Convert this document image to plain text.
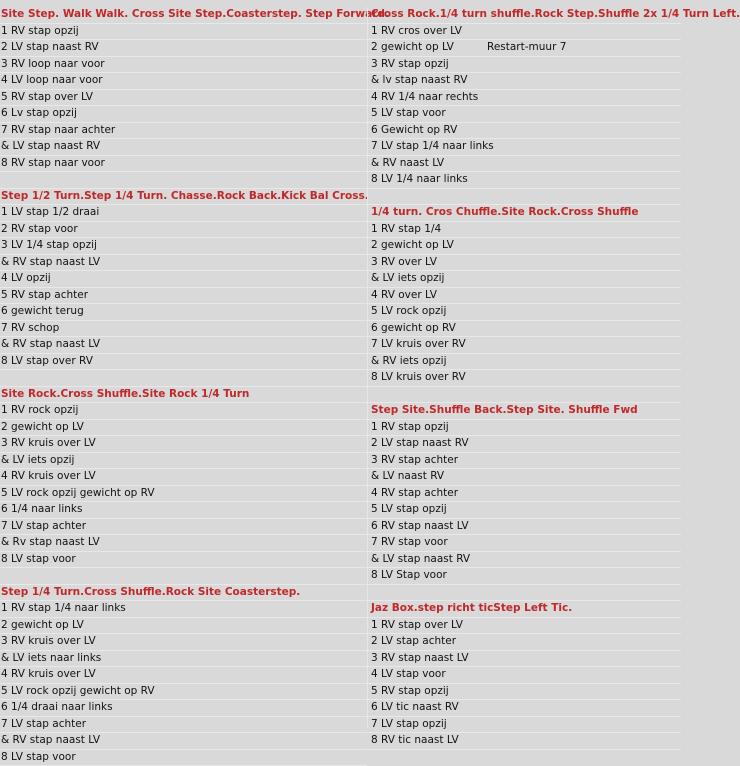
Site Step. Walk Walk. Cross Site Step.Coasterstep. Step Forward.
1 RV stap opzij
2 LV stap naast RV
3 RV loop naar voor
4 LV loop naar voor
5 RV stap over LV
6 Lv stap opzij
7 RV stap naar achter
& LV stap naast RV
8 RV stap naar voor
Step 1/2 Turn.Step 1/4 Turn. Chasse.Rock Back.Kick Bal Cross.
1 LV stap 1/2 draai
2 RV stap voor
3 LV 1/4 stap opzij
& RV stap naast LV
4 LV opzij
5 RV stap achter
6 gewicht terug
7 RV schop
& RV stap naast LV
8 LV stap over RV
Site Rock.Cross Shuffle.Site Rock 1/4 Turn
1 RV rock opzij
2 gewicht op LV
3 RV kruis over LV
& LV iets opzij
4 RV kruis over LV
5 LV rock opzij gewicht op RV
6 1/4 naar links
7 LV stap achter
& Rv stap naast LV
8 LV stap voor
Step 1/4 Turn.Cross Shuffle.Rock Site Coasterstep.
1 RV stap 1/4 naar links
2 gewicht op LV
3 RV kruis over LV
& LV iets naar links
4 RV kruis over LV
5 LV rock opzij gewicht op RV
6 1/4 draai naar links
7 LV stap achter
& RV stap naast LV
8 LV stap voor
Cross Rock.1/4 turn shuffle.Rock Step.Shuffle 2x 1/4 Turn Left.
1 RV cros over LV
2 gewicht op LV	Restart-muur 7
3 RV stap opzij
& lv stap naast RV
4 RV 1/4 naar rechts
5 LV stap voor
6 Gewicht op RV
7 LV stap 1/4 naar links
& RV naast LV
8 LV 1/4 naar links
1/4 turn. Cros Chuffle.Site Rock.Cross Shuffle
1 RV stap 1/4
2 gewicht op LV
3 RV over LV
& LV iets opzij
4 RV over LV
5 LV rock opzij
6 gewicht op RV
7 LV kruis over RV
& RV iets opzij
8 LV kruis over RV
Step Site.Shuffle Back.Step Site. Shuffle Fwd
1 RV stap opzij
2 LV stap naast RV
3 RV stap achter
& LV naast RV
4 RV stap achter
5 LV stap opzij
6 RV stap naast LV
7 RV stap voor
& LV stap naast RV
8 LV Stap voor
Jaz Box.step richt ticStep Left Tic.
1 RV stap over LV
2 LV stap achter
3 RV stap naast LV
4 LV stap voor
5 RV stap opzij
6 LV tic naast RV
7 LV stap opzij
8 RV tic naast LV
